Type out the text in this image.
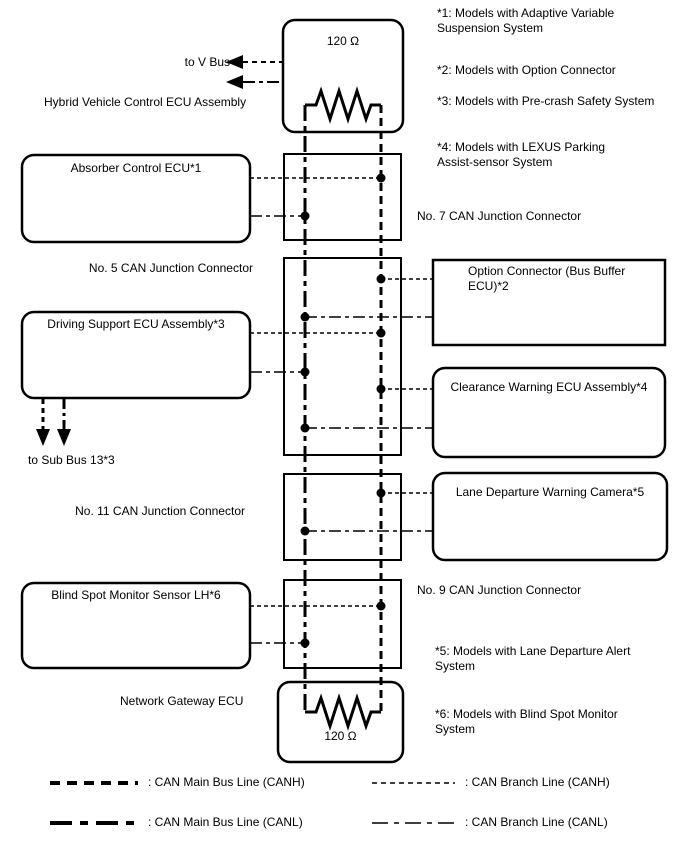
to V Bus
Hybrid Vehicle Control ECU Assembly
120 Ω
Absorber Control ECU*1
No. 7 CAN Junction Connector
No. 5 CAN Junction Connector	Option Connector (Bus Buffer
ECU)*2
Driving Support ECU Assembly*3
Clearance Warning ECU Assembly*4
to Sub Bus 13*3
No. 11 CAN Junction Connector
Lane Departure Warning Camera*5
No. 9 CAN Junction Connector
Blind Spot Monitor Sensor LH*6
Network Gateway ECU
120 Ω
*1: Models with Adaptive Variable
Suspension System
*2: Models with Option Connector
*3: Models with Pre-crash Safety System
*4: Models with LEXUS Parking
Assist-sensor System
*5: Models with Lane Departure Alert
System
*6: Models with Blind Spot Monitor
System
: CAN Main Bus Line (CANH)	: CAN Branch Line (CANH)
: CAN Main Bus Line (CANL)	: CAN Branch Line (CANL)
